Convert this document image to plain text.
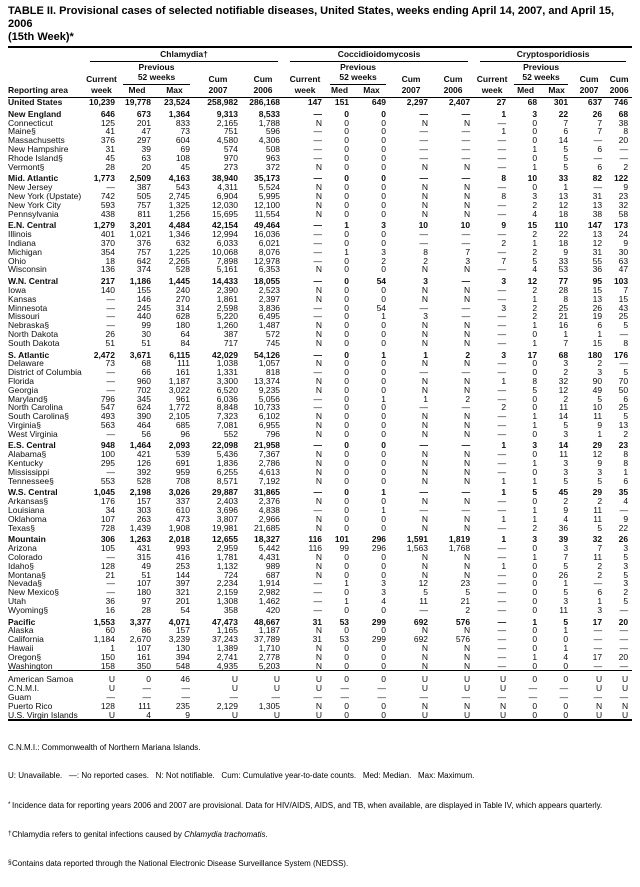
TABLE II. Provisional cases of selected notifiable diseases, United States, weeks ending April 14, 2007, and April 15, 2006
(15th Week)*
Reporting area	Chlamydia†					Coccidioidomycosis					Cryptosporidiosis				

		Previous					Previous					Previous			
	Current	52 weeks		Cum	Cum	Current	52 weeks		Cum	Cum	Current	52 weeks		Cum	Cum
	week	Med	Max	2007	2006	week	Med	Max	2007	2006	week	Med	Max	2007	2006
United States	10,239	19,778	23,524	258,982	286,168	147	151	649	2,297	2,407	27	68	301	637	746

New England	646	673	1,364	9,313	8,533	—	0	0	—	—	1	3	22	26	68
Connecticut	125	201	833	2,165	1,788	N	0	0	N	N	—	0	7	7	38
Maine§	41	47	73	751	596	—	0	0	—	—	1	0	6	7	8
Massachusetts	376	297	604	4,580	4,306	—	0	0	—	—	—	0	14	—	20
New Hampshire	31	39	69	574	508	—	0	0	—	—	—	1	5	6	—
Rhode Island§	45	63	108	970	963	—	0	0	—	—	—	0	5	—	—
Vermont§	28	20	45	273	372	N	0	0	N	N	—	1	5	6	2

Mid. Atlantic	1,773	2,509	4,163	38,940	35,173	—	0	0	—	—	8	10	33	82	122
New Jersey	—	387	543	4,311	5,524	N	0	0	N	N	—	0	1	—	9
New York (Upstate)	742	505	2,745	6,904	5,995	N	0	0	N	N	8	3	13	31	23
New York City	593	757	1,325	12,030	12,100	N	0	0	N	N	—	2	12	13	32
Pennsylvania	438	811	1,256	15,695	11,554	N	0	0	N	N	—	4	18	38	58

E.N. Central	1,279	3,201	4,484	42,154	49,464	—	1	3	10	10	9	15	110	147	173
Illinois	401	1,021	1,346	12,994	16,036	—	0	0	—	—	—	2	22	13	24
Indiana	370	376	632	6,033	6,021	—	0	0	—	—	2	1	18	12	9
Michigan	354	757	1,225	10,068	8,076	—	1	3	8	7	—	2	9	31	30
Ohio	18	642	2,265	7,898	12,978	—	0	2	2	3	7	5	33	55	63
Wisconsin	136	374	528	5,161	6,353	N	0	0	N	N	—	4	53	36	47

W.N. Central	217	1,186	1,445	14,433	18,055	—	0	54	3	—	3	12	77	95	103
Iowa	140	155	240	2,390	2,523	N	0	0	N	N	—	2	28	15	7
Kansas	—	146	270	1,861	2,397	N	0	0	N	N	—	1	8	13	15
Minnesota	—	245	314	2,598	3,836	—	0	54	—	—	3	2	25	26	43
Missouri	—	440	628	5,220	6,495	—	0	1	3	—	—	2	21	19	25
Nebraska§	—	99	180	1,260	1,487	N	0	0	N	N	—	1	16	6	5
North Dakota	26	30	64	387	572	N	0	0	N	N	—	0	1	1	—
South Dakota	51	51	84	717	745	N	0	0	N	N	—	1	7	15	8

S. Atlantic	2,472	3,671	6,115	42,029	54,126	—	0	1	1	2	3	17	68	180	176
Delaware	73	68	111	1,038	1,057	N	0	0	N	N	—	0	3	2	—
District of Columbia	—	66	161	1,331	818	—	0	0	—	—	—	0	2	3	5
Florida	—	960	1,187	3,300	13,374	N	0	0	N	N	1	8	32	90	70
Georgia	—	702	3,022	6,520	9,235	N	0	0	N	N	—	5	12	49	50
Maryland§	796	345	961	6,036	5,056	—	0	1	1	2	—	0	2	5	6
North Carolina	547	624	1,772	8,848	10,733	—	0	0	—	—	2	0	11	10	25
South Carolina§	493	390	2,105	7,323	6,102	N	0	0	N	N	—	1	14	11	5
Virginia§	563	464	685	7,081	6,955	N	0	0	N	N	—	1	5	9	13
West Virginia	—	56	96	552	796	N	0	0	N	N	—	0	3	1	2

E.S. Central	948	1,464	2,093	22,098	21,958	—	0	0	—	—	1	3	14	29	23
Alabama§	100	421	539	5,436	7,367	N	0	0	N	N	—	0	11	12	8
Kentucky	295	126	691	1,836	2,786	N	0	0	N	N	—	1	3	9	8
Mississippi	—	392	959	6,255	4,613	N	0	0	N	N	—	0	3	3	1
Tennessee§	553	528	708	8,571	7,192	N	0	0	N	N	1	1	5	5	6

W.S. Central	1,045	2,198	3,026	29,887	31,865	—	0	1	—	—	1	5	45	29	35
Arkansas§	176	157	337	2,403	2,376	N	0	0	N	N	—	0	2	2	4
Louisiana	34	303	610	3,696	4,838	—	0	1	—	—	—	1	9	11	—
Oklahoma	107	263	473	3,807	2,966	N	0	0	N	N	1	1	4	11	9
Texas§	728	1,439	1,908	19,981	21,685	N	0	0	N	N	—	2	36	5	22

Mountain	306	1,263	2,018	12,655	18,327	116	101	296	1,591	1,819	1	3	39	32	26
Arizona	105	431	993	2,959	5,442	116	99	296	1,563	1,768	—	0	3	7	3
Colorado	—	315	416	1,781	4,431	N	0	0	N	N	—	1	7	11	5
Idaho§	128	49	253	1,132	989	N	0	0	N	N	1	0	5	2	3
Montana§	21	51	144	724	687	N	0	0	N	N	—	0	26	2	5
Nevada§	—	107	397	2,234	1,914	—	1	3	12	23	—	0	1	—	3
New Mexico§	—	180	321	2,159	2,982	—	0	3	5	5	—	0	5	6	2
Utah	36	97	201	1,308	1,462	—	1	4	11	21	—	0	3	1	5
Wyoming§	16	28	54	358	420	—	0	0	—	2	—	0	11	3	—

Pacific	1,553	3,377	4,071	47,473	48,667	31	53	299	692	576	—	1	5	17	20
Alaska	60	86	157	1,165	1,187	N	0	0	N	N	—	0	1	—	—
California	1,184	2,670	3,239	37,243	37,789	31	53	299	692	576	—	0	0	—	—
Hawaii	1	107	130	1,389	1,710	N	0	0	N	N	—	0	1	—	—
Oregon§	150	161	394	2,741	2,778	N	0	0	N	N	—	1	4	17	20
Washington	158	350	548	4,935	5,203	N	0	0	N	N	—	0	0	—	—

American Samoa	U	0	46	U	U	U	0	0	U	U	U	0	0	U	U
C.N.M.I.	U	—	—	U	U	U	—	—	U	U	U	—	—	U	U
Guam	—	—	—	—	—	—	—	—	—	—	—	—	—	—	—
Puerto Rico	128	111	235	2,129	1,305	N	0	0	N	N	N	0	0	N	N
U.S. Virgin Islands	U	4	9	U	U	U	0	0	U	U	U	0	0	U	U

C.N.M.I.: Commonwealth of Northern Mariana Islands.

U: Unavailable.   —: No reported cases.   N: Not notifiable.   Cum: Cumulative year-to-date counts.   Med: Median.   Max: Maximum.

*Incidence data for reporting years 2006 and 2007 are provisional. Data for HIV/AIDS, AIDS, and TB, when available, are displayed in Table IV, which appears quarterly.

†Chlamydia refers to genital infections caused by Chlamydia trachomatis.

§Contains data reported through the National Electronic Disease Surveillance System (NEDSS).
